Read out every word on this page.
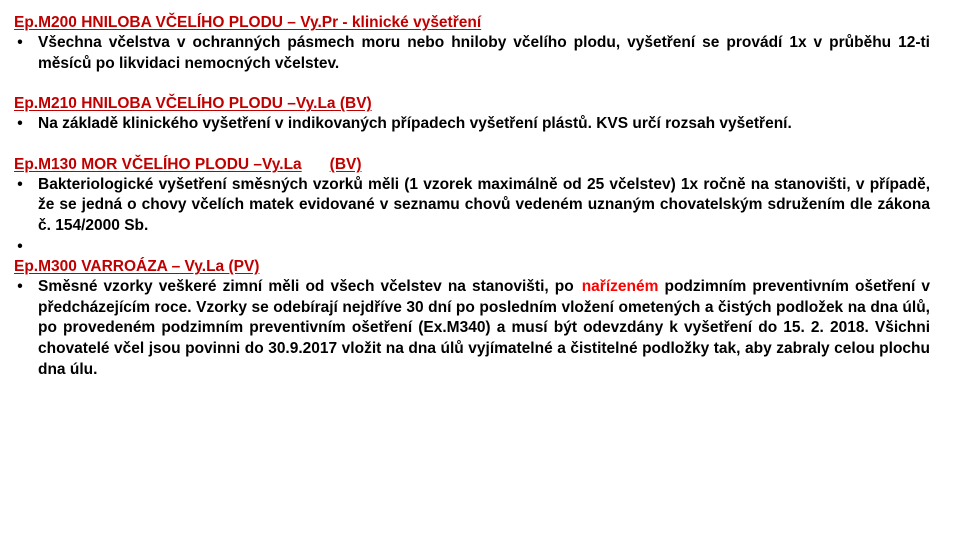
Ep.M200 HNILOBA VČELÍHO PLODU – Vy.Pr - klinické vyšetření
• Všechna včelstva v ochranných pásmech moru nebo hniloby včelího plodu, vyšetření se provádí 1x v průběhu 12-ti měsíců po likvidaci nemocných včelstev.
Ep.M210 HNILOBA VČELÍHO PLODU –Vy.La (BV)
• Na základě klinického vyšetření v indikovaných případech vyšetření plástů. KVS určí rozsah vyšetření.
Ep.M130 MOR VČELÍHO PLODU –Vy.La (BV)
• Bakteriologické vyšetření směsných vzorků měli (1 vzorek maximálně od 25 včelstev) 1x ročně na stanovišti, v případě, že se jedná o chovy včelích matek evidované v seznamu chovů vedeném uznaným chovatelským sdružením dle zákona č. 154/2000 Sb.
•

Ep.M300 VARROÁZA – Vy.La (PV)
• Směsné vzorky veškeré zimní měli od všech včelstev na stanovišti, po nařízeném podzimním preventivním ošetření v předcházejícím roce. Vzorky se odebírají nejdříve 30 dní po posledním vložení ometených a čistých podložek na dna úlů, po provedeném podzimním preventivním ošetření (Ex.M340) a musí být odevzdány k vyšetření do 15. 2. 2018. Všichni chovatelé včel jsou povinni do 30.9.2017 vložit na dna úlů vyjímatelné a čistitelné podložky tak, aby zabraly celou plochu dna úlu.
